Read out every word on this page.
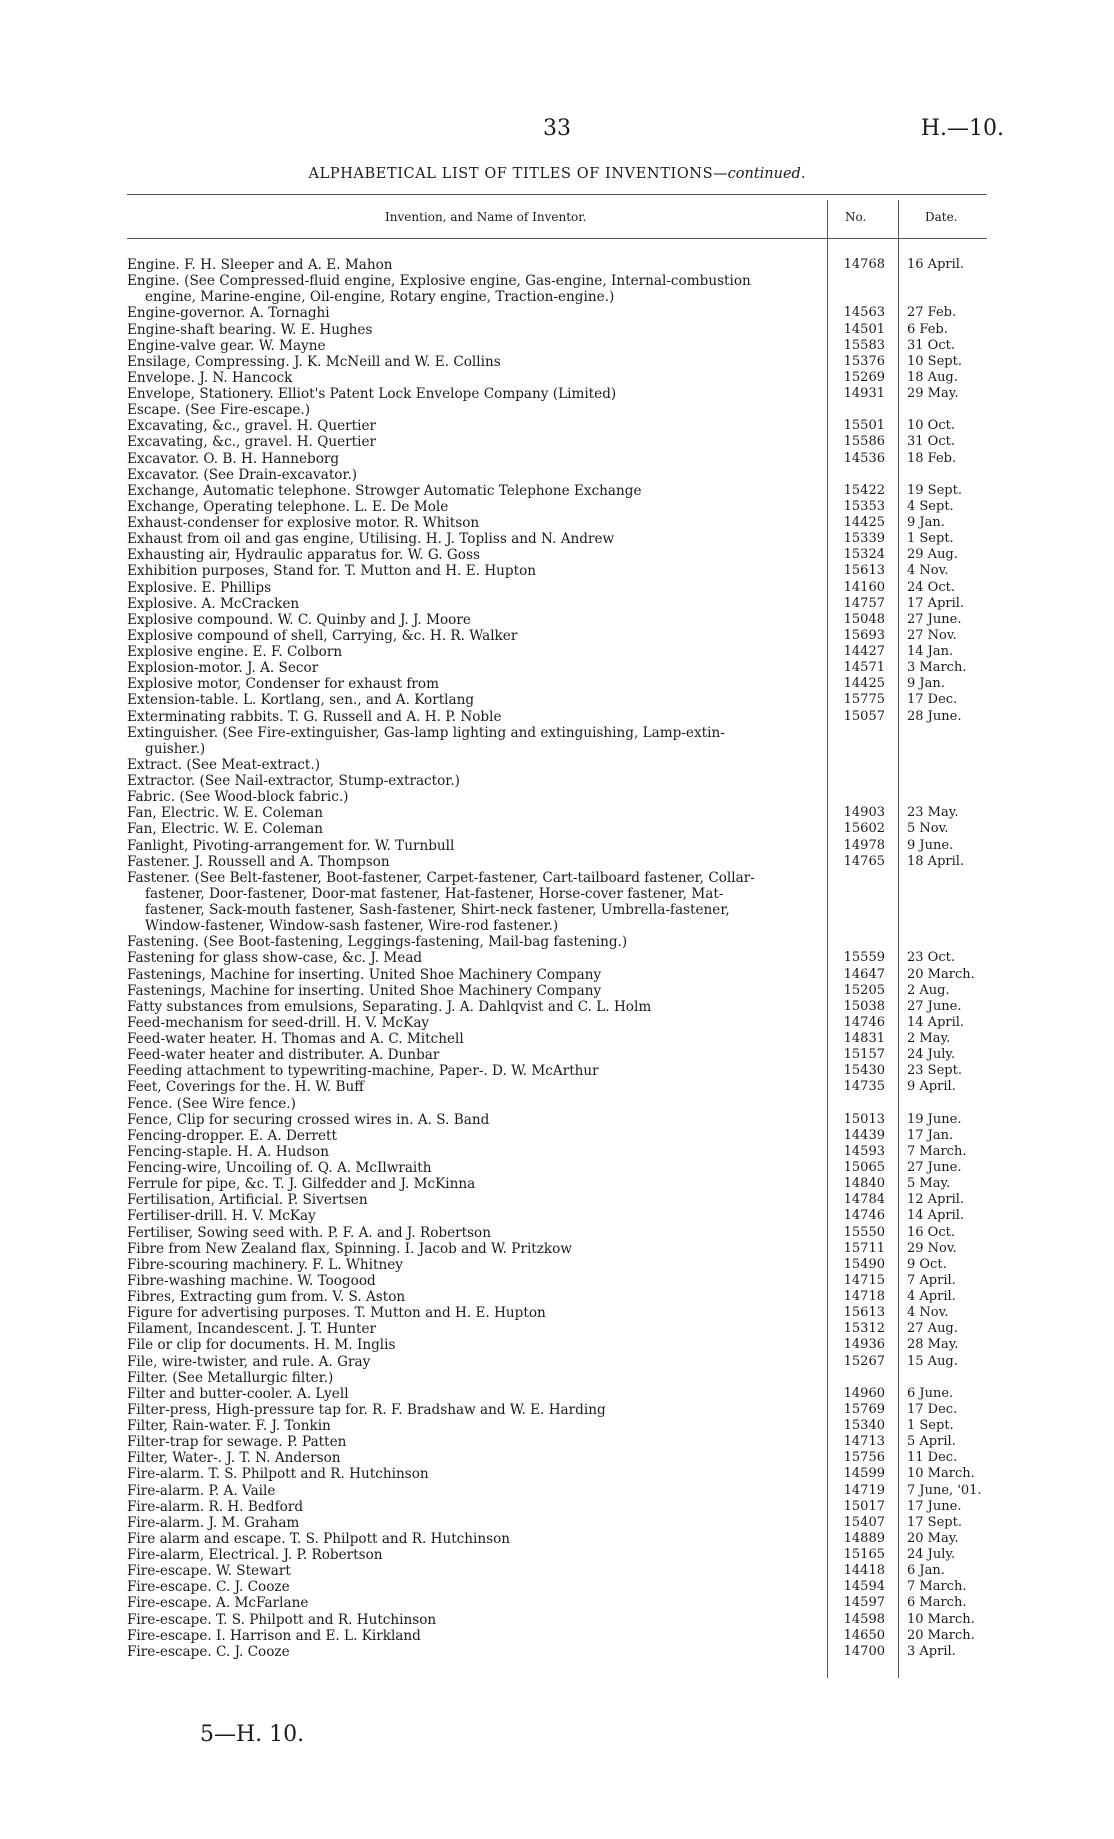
33	H.—10.
ALPHABETICAL LIST OF TITLES OF INVENTIONS—continued.
Invention, and Name of Inventor.	No.	Date.
Engine. F. H. Sleeper and A. E. Mahon	14768 16 April.
Engine. (See Compressed-fluid engine, Explosive engine, Gas-engine, Internal-combustion
engine, Marine-engine, Oil-engine, Rotary engine, Traction-engine.)
Engine-governor. A. Tornaghi	14563 27 Feb.
Engine-shaft bearing. W. E. Hughes	14501 6 Feb.
Engine-valve gear. W. Mayne	15583 31 Oct.
Ensilage, Compressing. J. K. McNeill and W. E. Collins	15376 10 Sept.
Envelope. J. N. Hancock	15269 18 Aug.
Envelope, Stationery. Elliot's Patent Lock Envelope Company (Limited)	14931 29 May.
Escape. (See Fire-escape.)
Excavating, &c., gravel. H. Quertier	15501 10 Oct.
Excavating, &c., gravel. H. Quertier	15586 31 Oct.
Excavator. O. B. H. Hanneborg	14536 18 Feb.
Excavator. (See Drain-excavator.)
Exchange, Automatic telephone. Strowger Automatic Telephone Exchange	15422 19 Sept.
Exchange, Operating telephone. L. E. De Mole	15353 4 Sept.
Exhaust-condenser for explosive motor. R. Whitson	14425 9 Jan.
Exhaust from oil and gas engine, Utilising. H. J. Topliss and N. Andrew	15339 1 Sept.
Exhausting air, Hydraulic apparatus for. W. G. Goss	15324 29 Aug.
Exhibition purposes, Stand for. T. Mutton and H. E. Hupton	15613 4 Nov.
Explosive. E. Phillips	14160 24 Oct.
Explosive. A. McCracken	14757 17 April.
Explosive compound. W. C. Quinby and J. J. Moore	15048 27 June.
Explosive compound of shell, Carrying, &c. H. R. Walker	15693 27 Nov.
Explosive engine. E. F. Colborn	14427 14 Jan.
Explosion-motor. J. A. Secor	14571 3 March.
Explosive motor, Condenser for exhaust from	14425 9 Jan.
Extension-table. L. Kortlang, sen., and A. Kortlang	15775 17 Dec.
Exterminating rabbits. T. G. Russell and A. H. P. Noble	15057 28 June.
Extinguisher. (See Fire-extinguisher, Gas-lamp lighting and extinguishing, Lamp-extin-
guisher.)
Extract. (See Meat-extract.)
Extractor. (See Nail-extractor, Stump-extractor.)
Fabric. (See Wood-block fabric.)
Fan, Electric. W. E. Coleman	14903 23 May.
Fan, Electric. W. E. Coleman	15602 5 Nov.
Fanlight, Pivoting-arrangement for. W. Turnbull	14978 9 June.
Fastener. J. Roussell and A. Thompson	14765 18 April.
Fastener. (See Belt-fastener, Boot-fastener, Carpet-fastener, Cart-tailboard fastener, Collar-
fastener, Door-fastener, Door-mat fastener, Hat-fastener, Horse-cover fastener, Mat-
fastener, Sack-mouth fastener, Sash-fastener, Shirt-neck fastener, Umbrella-fastener,
Window-fastener, Window-sash fastener, Wire-rod fastener.)
Fastening. (See Boot-fastening, Leggings-fastening, Mail-bag fastening.)
Fastening for glass show-case, &c. J. Mead	15559 23 Oct.
Fastenings, Machine for inserting. United Shoe Machinery Company	14647 20 March.
Fastenings, Machine for inserting. United Shoe Machinery Company	15205 2 Aug.
Fatty substances from emulsions, Separating. J. A. Dahlqvist and C. L. Holm	15038 27 June.
Feed-mechanism for seed-drill. H. V. McKay	14746 14 April.
Feed-water heater. H. Thomas and A. C. Mitchell	14831 2 May.
Feed-water heater and distributer. A. Dunbar	15157 24 July.
Feeding attachment to typewriting-machine, Paper-. D. W. McArthur	15430 23 Sept.
Feet, Coverings for the. H. W. Buff	14735 9 April.
Fence. (See Wire fence.)
Fence, Clip for securing crossed wires in. A. S. Band	15013 19 June.
Fencing-dropper. E. A. Derrett	14439 17 Jan.
Fencing-staple. H. A. Hudson	14593 7 March.
Fencing-wire, Uncoiling of. Q. A. McIlwraith	15065 27 June.
Ferrule for pipe, &c. T. J. Gilfedder and J. McKinna	14840 5 May.
Fertilisation, Artificial. P. Sivertsen	14784 12 April.
Fertiliser-drill. H. V. McKay	14746 14 April.
Fertiliser, Sowing seed with. P. F. A. and J. Robertson	15550 16 Oct.
Fibre from New Zealand flax, Spinning. I. Jacob and W. Pritzkow	15711 29 Nov.
Fibre-scouring machinery. F. L. Whitney	15490 9 Oct.
Fibre-washing machine. W. Toogood	14715 7 April.
Fibres, Extracting gum from. V. S. Aston	14718 4 April.
Figure for advertising purposes. T. Mutton and H. E. Hupton	15613 4 Nov.
Filament, Incandescent. J. T. Hunter	15312 27 Aug.
File or clip for documents. H. M. Inglis	14936 28 May.
File, wire-twister, and rule. A. Gray	15267 15 Aug.
Filter. (See Metallurgic filter.)
Filter and butter-cooler. A. Lyell	14960 6 June.
Filter-press, High-pressure tap for. R. F. Bradshaw and W. E. Harding	15769 17 Dec.
Filter, Rain-water. F. J. Tonkin	15340 1 Sept.
Filter-trap for sewage. P. Patten	14713 5 April.
Filter, Water-. J. T. N. Anderson	15756 11 Dec.
Fire-alarm. T. S. Philpott and R. Hutchinson	14599 10 March.
Fire-alarm. P. A. Vaile	14719 7 June, '01.
Fire-alarm. R. H. Bedford	15017 17 June.
Fire-alarm. J. M. Graham	15407 17 Sept.
Fire alarm and escape. T. S. Philpott and R. Hutchinson	14889 20 May.
Fire-alarm, Electrical. J. P. Robertson	15165 24 July.
Fire-escape. W. Stewart	14418 6 Jan.
Fire-escape. C. J. Cooze	14594 7 March.
Fire-escape. A. McFarlane	14597 6 March.
Fire-escape. T. S. Philpott and R. Hutchinson	14598 10 March.
Fire-escape. I. Harrison and E. L. Kirkland	14650 20 March.
Fire-escape. C. J. Cooze	14700 3 April.
5—H. 10.
